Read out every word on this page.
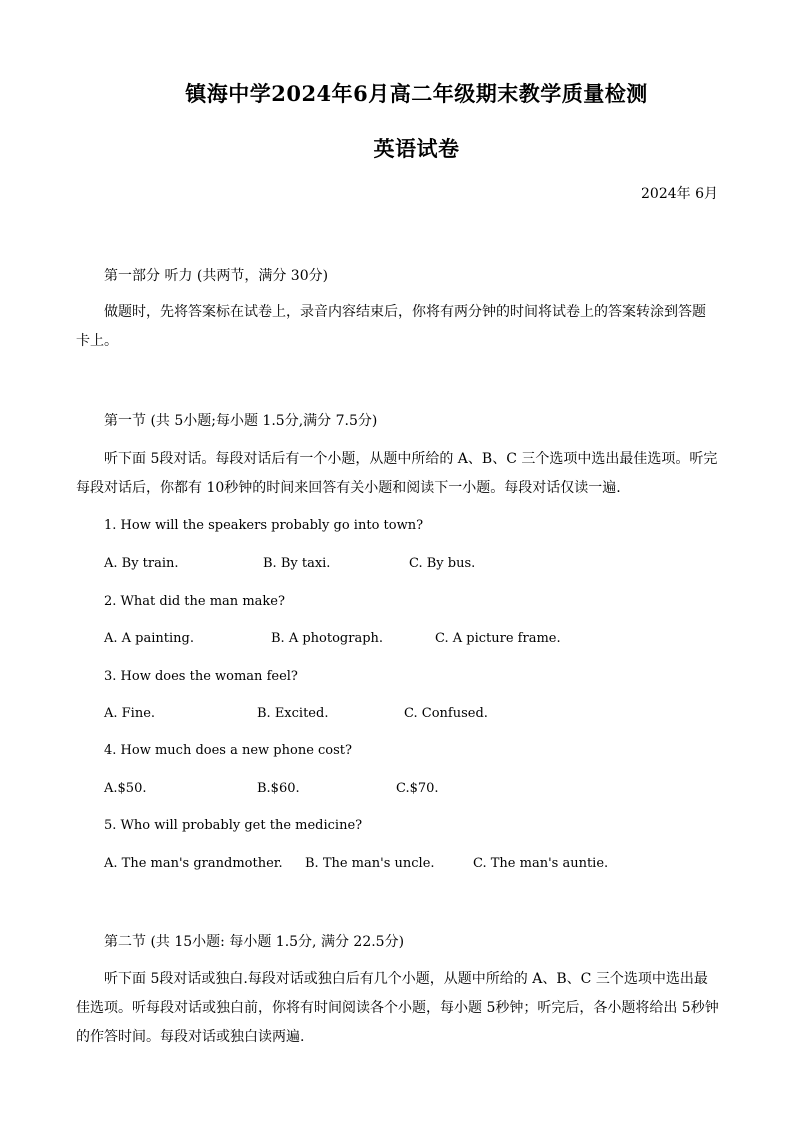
镇海中学2024年6月高二年级期末教学质量检测
英语试卷
2024年 6月
第一部分 听力 (共两节，满分 30分)
做题时，先将答案标在试卷上，录音内容结束后，你将有两分钟的时间将试卷上的答案转涂到答题卡上。
第一节 (共 5小题;每小题 1.5分,满分 7.5分)
听下面 5段对话。每段对话后有一个小题，从题中所给的 A、B、C 三个选项中选出最佳选项。听完每段对话后，你都有 10秒钟的时间来回答有关小题和阅读下一小题。每段对话仅读一遍.
1. How will the speakers probably go into town?
A. By train.	B. By taxi.	C. By bus.
2. What did the man make?
A. A painting.	B. A photograph.	C. A picture frame.
3. How does the woman feel?
A. Fine.	B. Excited.	C. Confused.
4. How much does a new phone cost?
A.$50.	B.$60.	C.$70.
5. Who will probably get the medicine?
A. The man's grandmother. B. The man's uncle.	C. The man's auntie.
第二节 (共 15小题: 每小题 1.5分, 满分 22.5分)
听下面 5段对话或独白.每段对话或独白后有几个小题，从题中所给的 A、B、C 三个选项中选出最佳选项。听每段对话或独白前，你将有时间阅读各个小题，每小题 5秒钟；听完后，各小题将给出 5秒钟的作答时间。每段对话或独白读两遍.
